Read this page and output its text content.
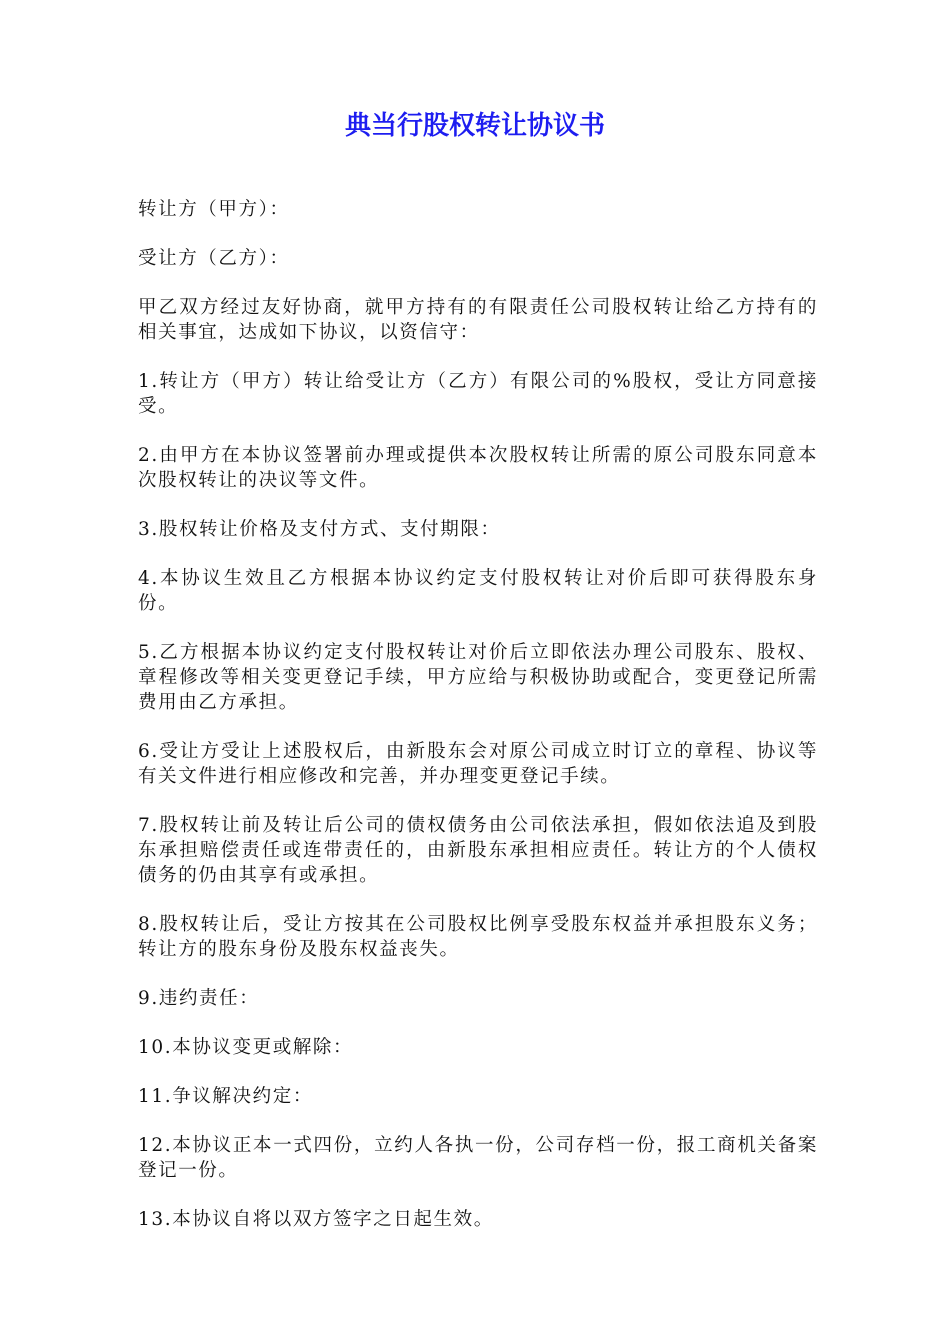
典当行股权转让协议书

转让方（甲方）：

受让方（乙方）：

甲乙双方经过友好协商，就甲方持有的有限责任公司股权转让给乙方持有的相关事宜，达成如下协议，以资信守：

1.转让方（甲方）转让给受让方（乙方）有限公司的%股权，受让方同意接受。

2.由甲方在本协议签署前办理或提供本次股权转让所需的原公司股东同意本次股权转让的决议等文件。

3.股权转让价格及支付方式、支付期限：

4.本协议生效且乙方根据本协议约定支付股权转让对价后即可获得股东身份。

5.乙方根据本协议约定支付股权转让对价后立即依法办理公司股东、股权、章程修改等相关变更登记手续，甲方应给与积极协助或配合，变更登记所需费用由乙方承担。

6.受让方受让上述股权后，由新股东会对原公司成立时订立的章程、协议等有关文件进行相应修改和完善，并办理变更登记手续。

7.股权转让前及转让后公司的债权债务由公司依法承担，假如依法追及到股东承担赔偿责任或连带责任的，由新股东承担相应责任。转让方的个人债权债务的仍由其享有或承担。

8.股权转让后，受让方按其在公司股权比例享受股东权益并承担股东义务；转让方的股东身份及股东权益丧失。

9.违约责任：

10.本协议变更或解除：

11.争议解决约定：

12.本协议正本一式四份，立约人各执一份，公司存档一份，报工商机关备案登记一份。

13.本协议自将以双方签字之日起生效。
